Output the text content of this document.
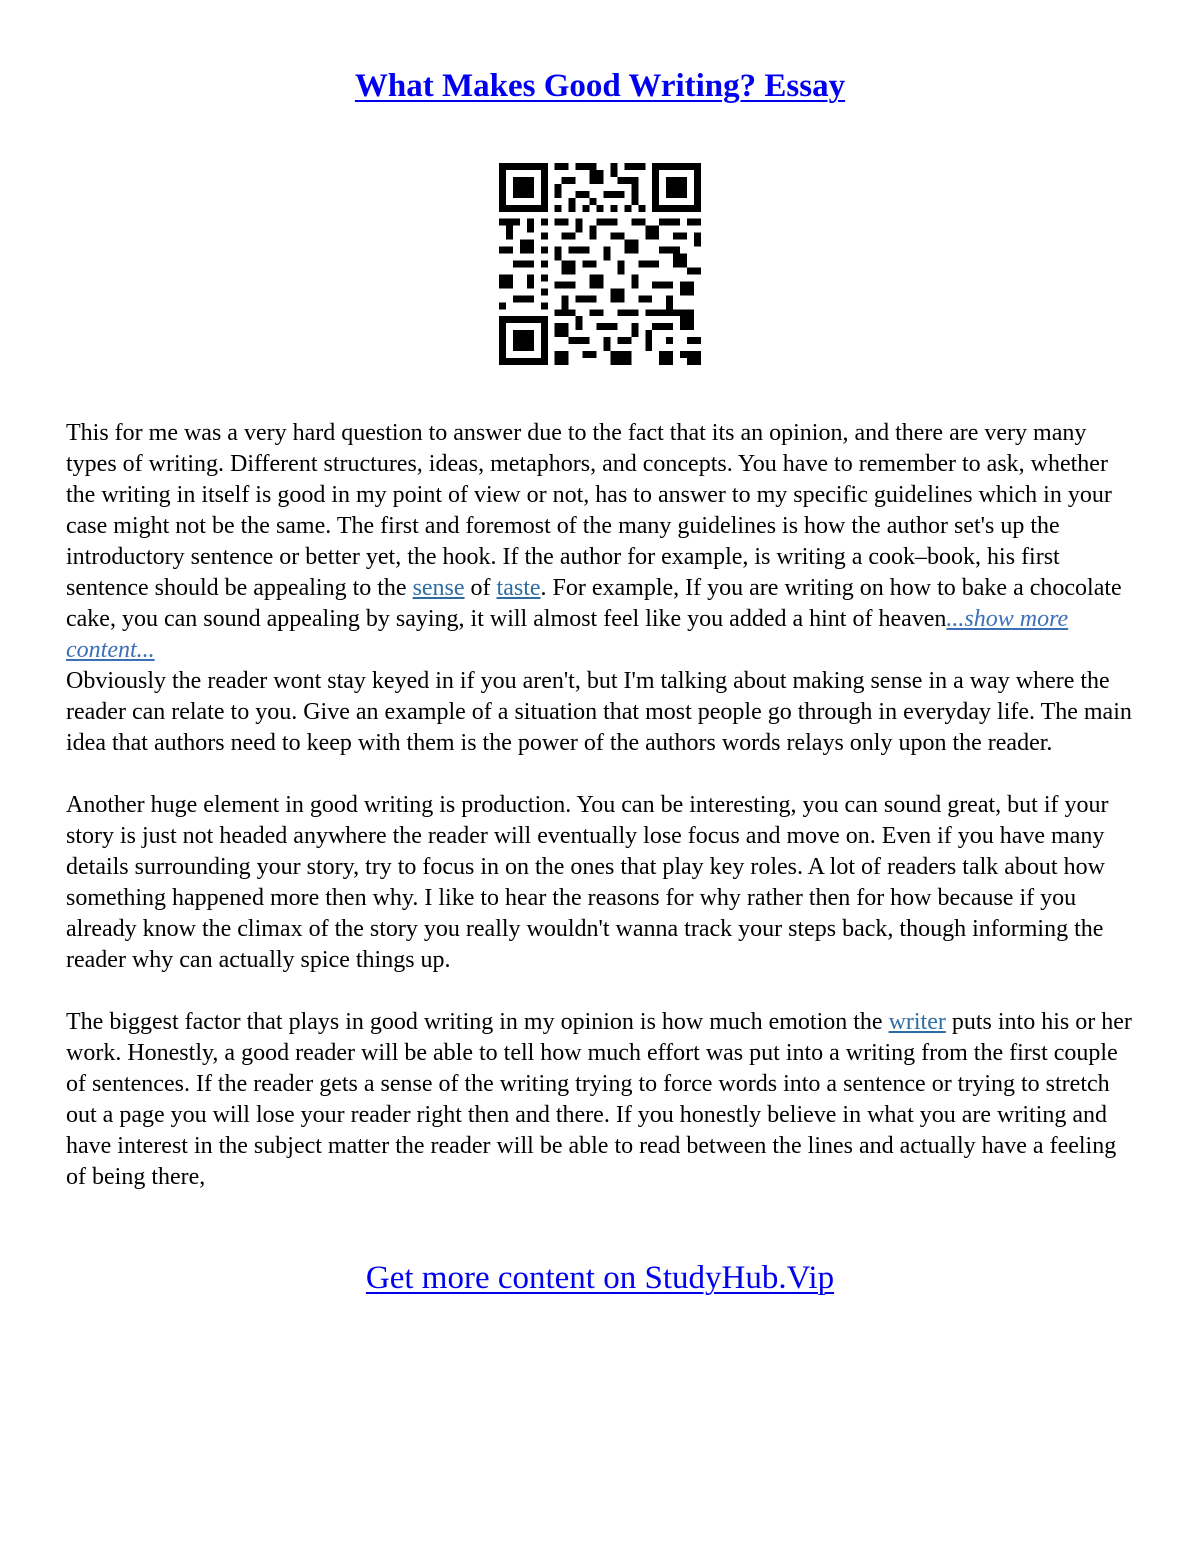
What Makes Good Writing? Essay

This for me was a very hard question to answer due to the fact that its an opinion, and there are very many types of writing. Different structures, ideas, metaphors, and concepts. You have to remember to ask, whether the writing in itself is good in my point of view or not, has to answer to my specific guidelines which in your case might not be the same. The first and foremost of the many guidelines is how the author set's up the introductory sentence or better yet, the hook. If the author for example, is writing a cook–book, his first sentence should be appealing to the sense of taste. For example, If you are writing on how to bake a chocolate cake, you can sound appealing by saying, it will almost feel like you added a hint of heaven...show more content...

Obviously the reader wont stay keyed in if you aren't, but I'm talking about making sense in a way where the reader can relate to you. Give an example of a situation that most people go through in everyday life. The main idea that authors need to keep with them is the power of the authors words relays only upon the reader.

Another huge element in good writing is production. You can be interesting, you can sound great, but if your story is just not headed anywhere the reader will eventually lose focus and move on. Even if you have many details surrounding your story, try to focus in on the ones that play key roles. A lot of readers talk about how something happened more then why. I like to hear the reasons for why rather then for how because if you already know the climax of the story you really wouldn't wanna track your steps back, though informing the reader why can actually spice things up.

The biggest factor that plays in good writing in my opinion is how much emotion the writer puts into his or her work. Honestly, a good reader will be able to tell how much effort was put into a writing from the first couple of sentences. If the reader gets a sense of the writing trying to force words into a sentence or trying to stretch out a page you will lose your reader right then and there. If you honestly believe in what you are writing and have interest in the subject matter the reader will be able to read between the lines and actually have a feeling of being there,

Get more content on StudyHub.Vip
